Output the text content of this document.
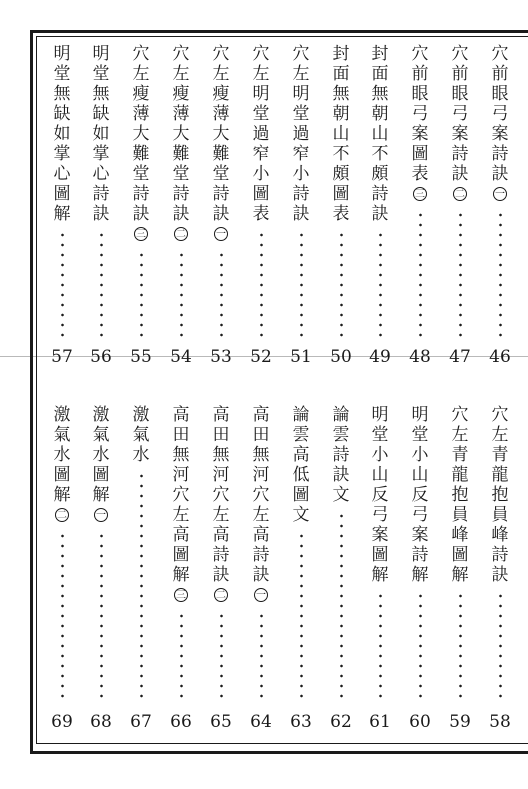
穴
前
眼
弓
案
詩
訣
一
46
穴
前
眼
弓
案
詩
訣
二
47
穴
前
眼
弓
案
圖
表
三
48
封
面
無
朝
山
不
頗
詩
訣
49
封
面
無
朝
山
不
頗
圖
表
50
穴
左
明
堂
過
窄
小
詩
訣
51
穴
左
明
堂
過
窄
小
圖
表
52
穴
左
瘦
薄
大
難
堂
詩
訣
一
53
穴
左
瘦
薄
大
難
堂
詩
訣
二
54
穴
左
瘦
薄
大
難
堂
詩
訣
三
55
明
堂
無
缺
如
掌
心
詩
訣
56
明
堂
無
缺
如
掌
心
圖
解
57
穴
左
青
龍
抱
員
峰
詩
訣
58
穴
左
青
龍
抱
員
峰
圖
解
59
明
堂
小
山
反
弓
案
詩
解
60
明
堂
小
山
反
弓
案
圖
解
61
論
雲
詩
訣
文
62
論
雲
高
低
圖
文
63
高
田
無
河
穴
左
高
詩
訣
一
64
高
田
無
河
穴
左
高
詩
訣
二
65
高
田
無
河
穴
左
高
圖
解
三
66
激
氣
水
67
激
氣
水
圖
解
一
68
激
氣
水
圖
解
二
69
